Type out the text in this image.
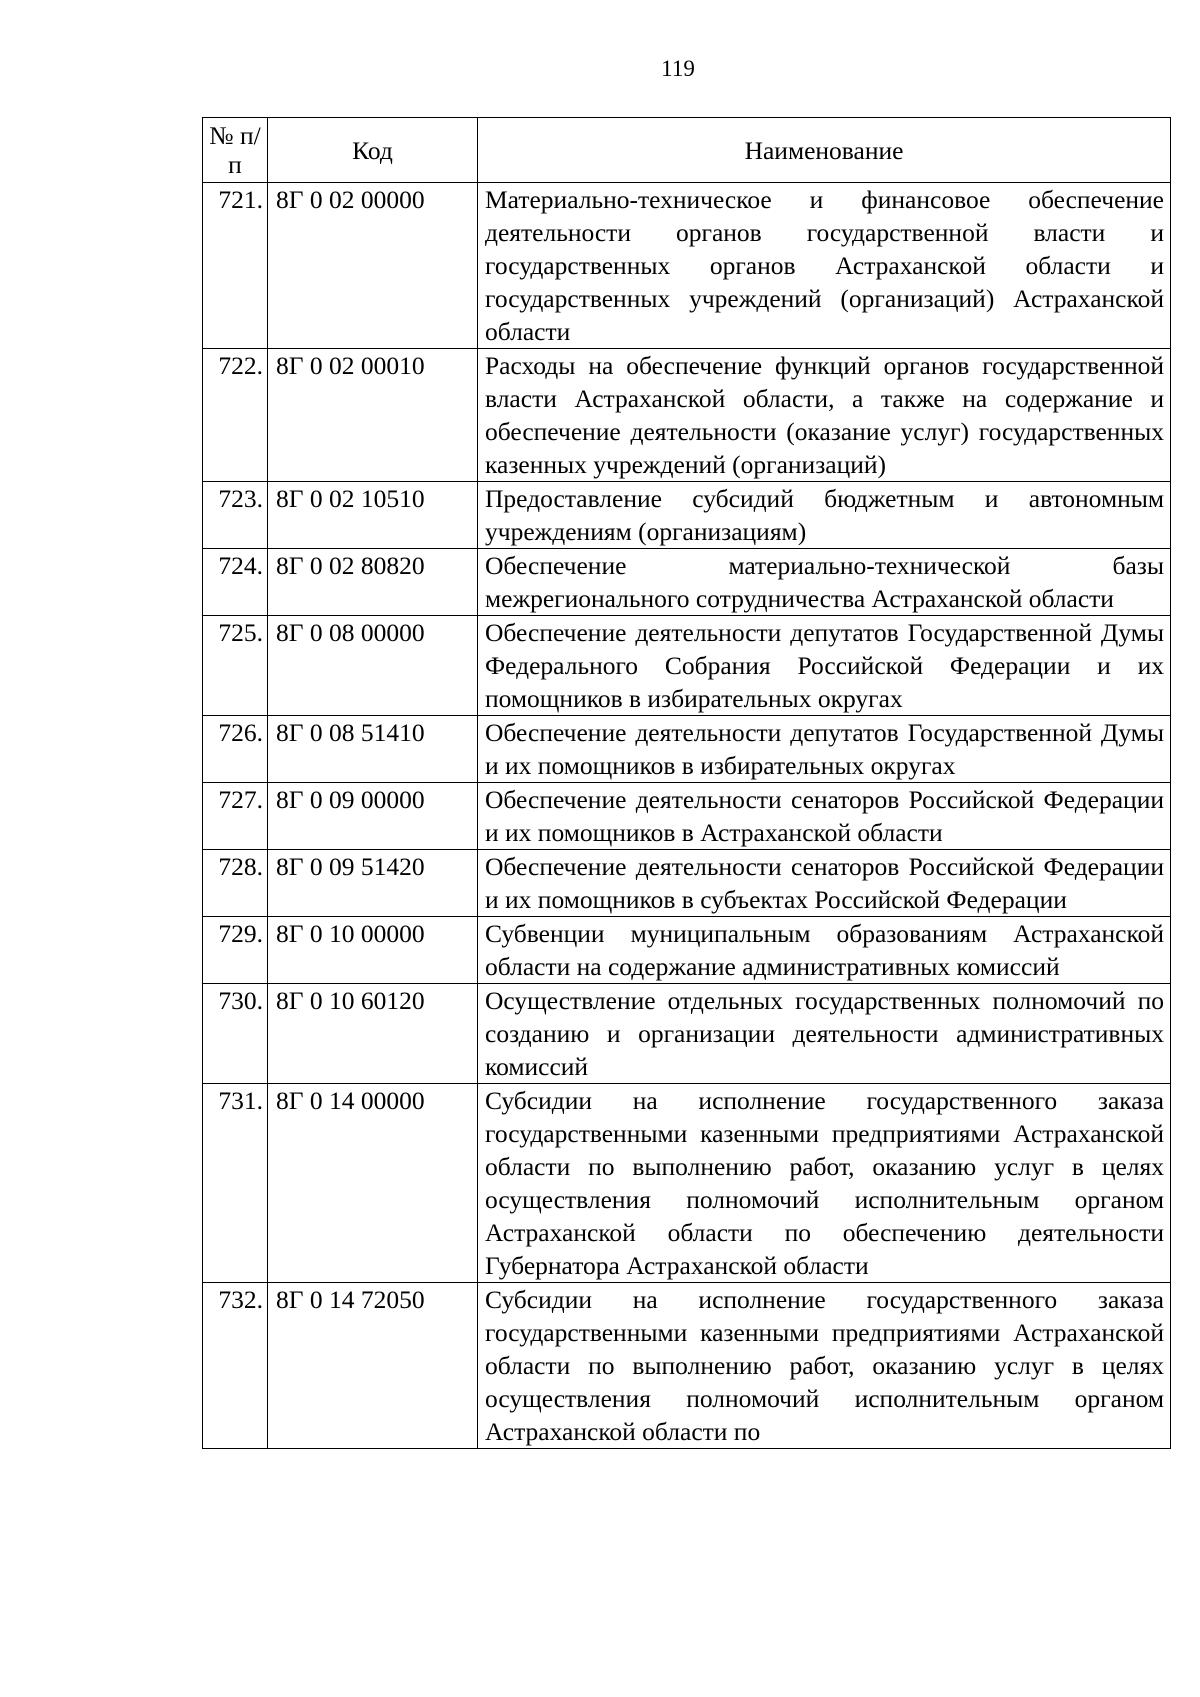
119
№ п/п	Код	Наименование
721.	8Г 0 02 00000	Материально-техническое и финансовое обеспечение деятельности органов государственной власти и государственных органов Астраханской области и государственных учреждений (организаций) Астраханской области
722.	8Г 0 02 00010	Расходы на обеспечение функций органов государственной власти Астраханской области, а также на содержание и обеспечение деятельности (оказание услуг) государственных казенных учреждений (организаций)
723.	8Г 0 02 10510	Предоставление субсидий бюджетным и автономным учреждениям (организациям)
724.	8Г 0 02 80820	Обеспечение материально-технической базы межрегионального сотрудничества Астраханской области
725.	8Г 0 08 00000	Обеспечение деятельности депутатов Государственной Думы Федерального Собрания Российской Федерации и их помощников в избирательных округах
726.	8Г 0 08 51410	Обеспечение деятельности депутатов Государственной Думы и их помощников в избирательных округах
727.	8Г 0 09 00000	Обеспечение деятельности сенаторов Российской Федерации и их помощников в Астраханской области
728.	8Г 0 09 51420	Обеспечение деятельности сенаторов Российской Федерации и их помощников в субъектах Российской Федерации
729.	8Г 0 10 00000	Субвенции муниципальным образованиям Астраханской области на содержание административных комиссий
730.	8Г 0 10 60120	Осуществление отдельных государственных полномочий по созданию и организации деятельности административных комиссий
731.	8Г 0 14 00000	Субсидии на исполнение государственного заказа государственными казенными предприятиями Астраханской области по выполнению работ, оказанию услуг в целях осуществления полномочий исполнительным органом Астраханской области по обеспечению деятельности Губернатора Астраханской области
732.	8Г 0 14 72050	Субсидии на исполнение государственного заказа государственными казенными предприятиями Астраханской области по выполнению работ, оказанию услуг в целях осуществления полномочий исполнительным органом Астраханской области по
